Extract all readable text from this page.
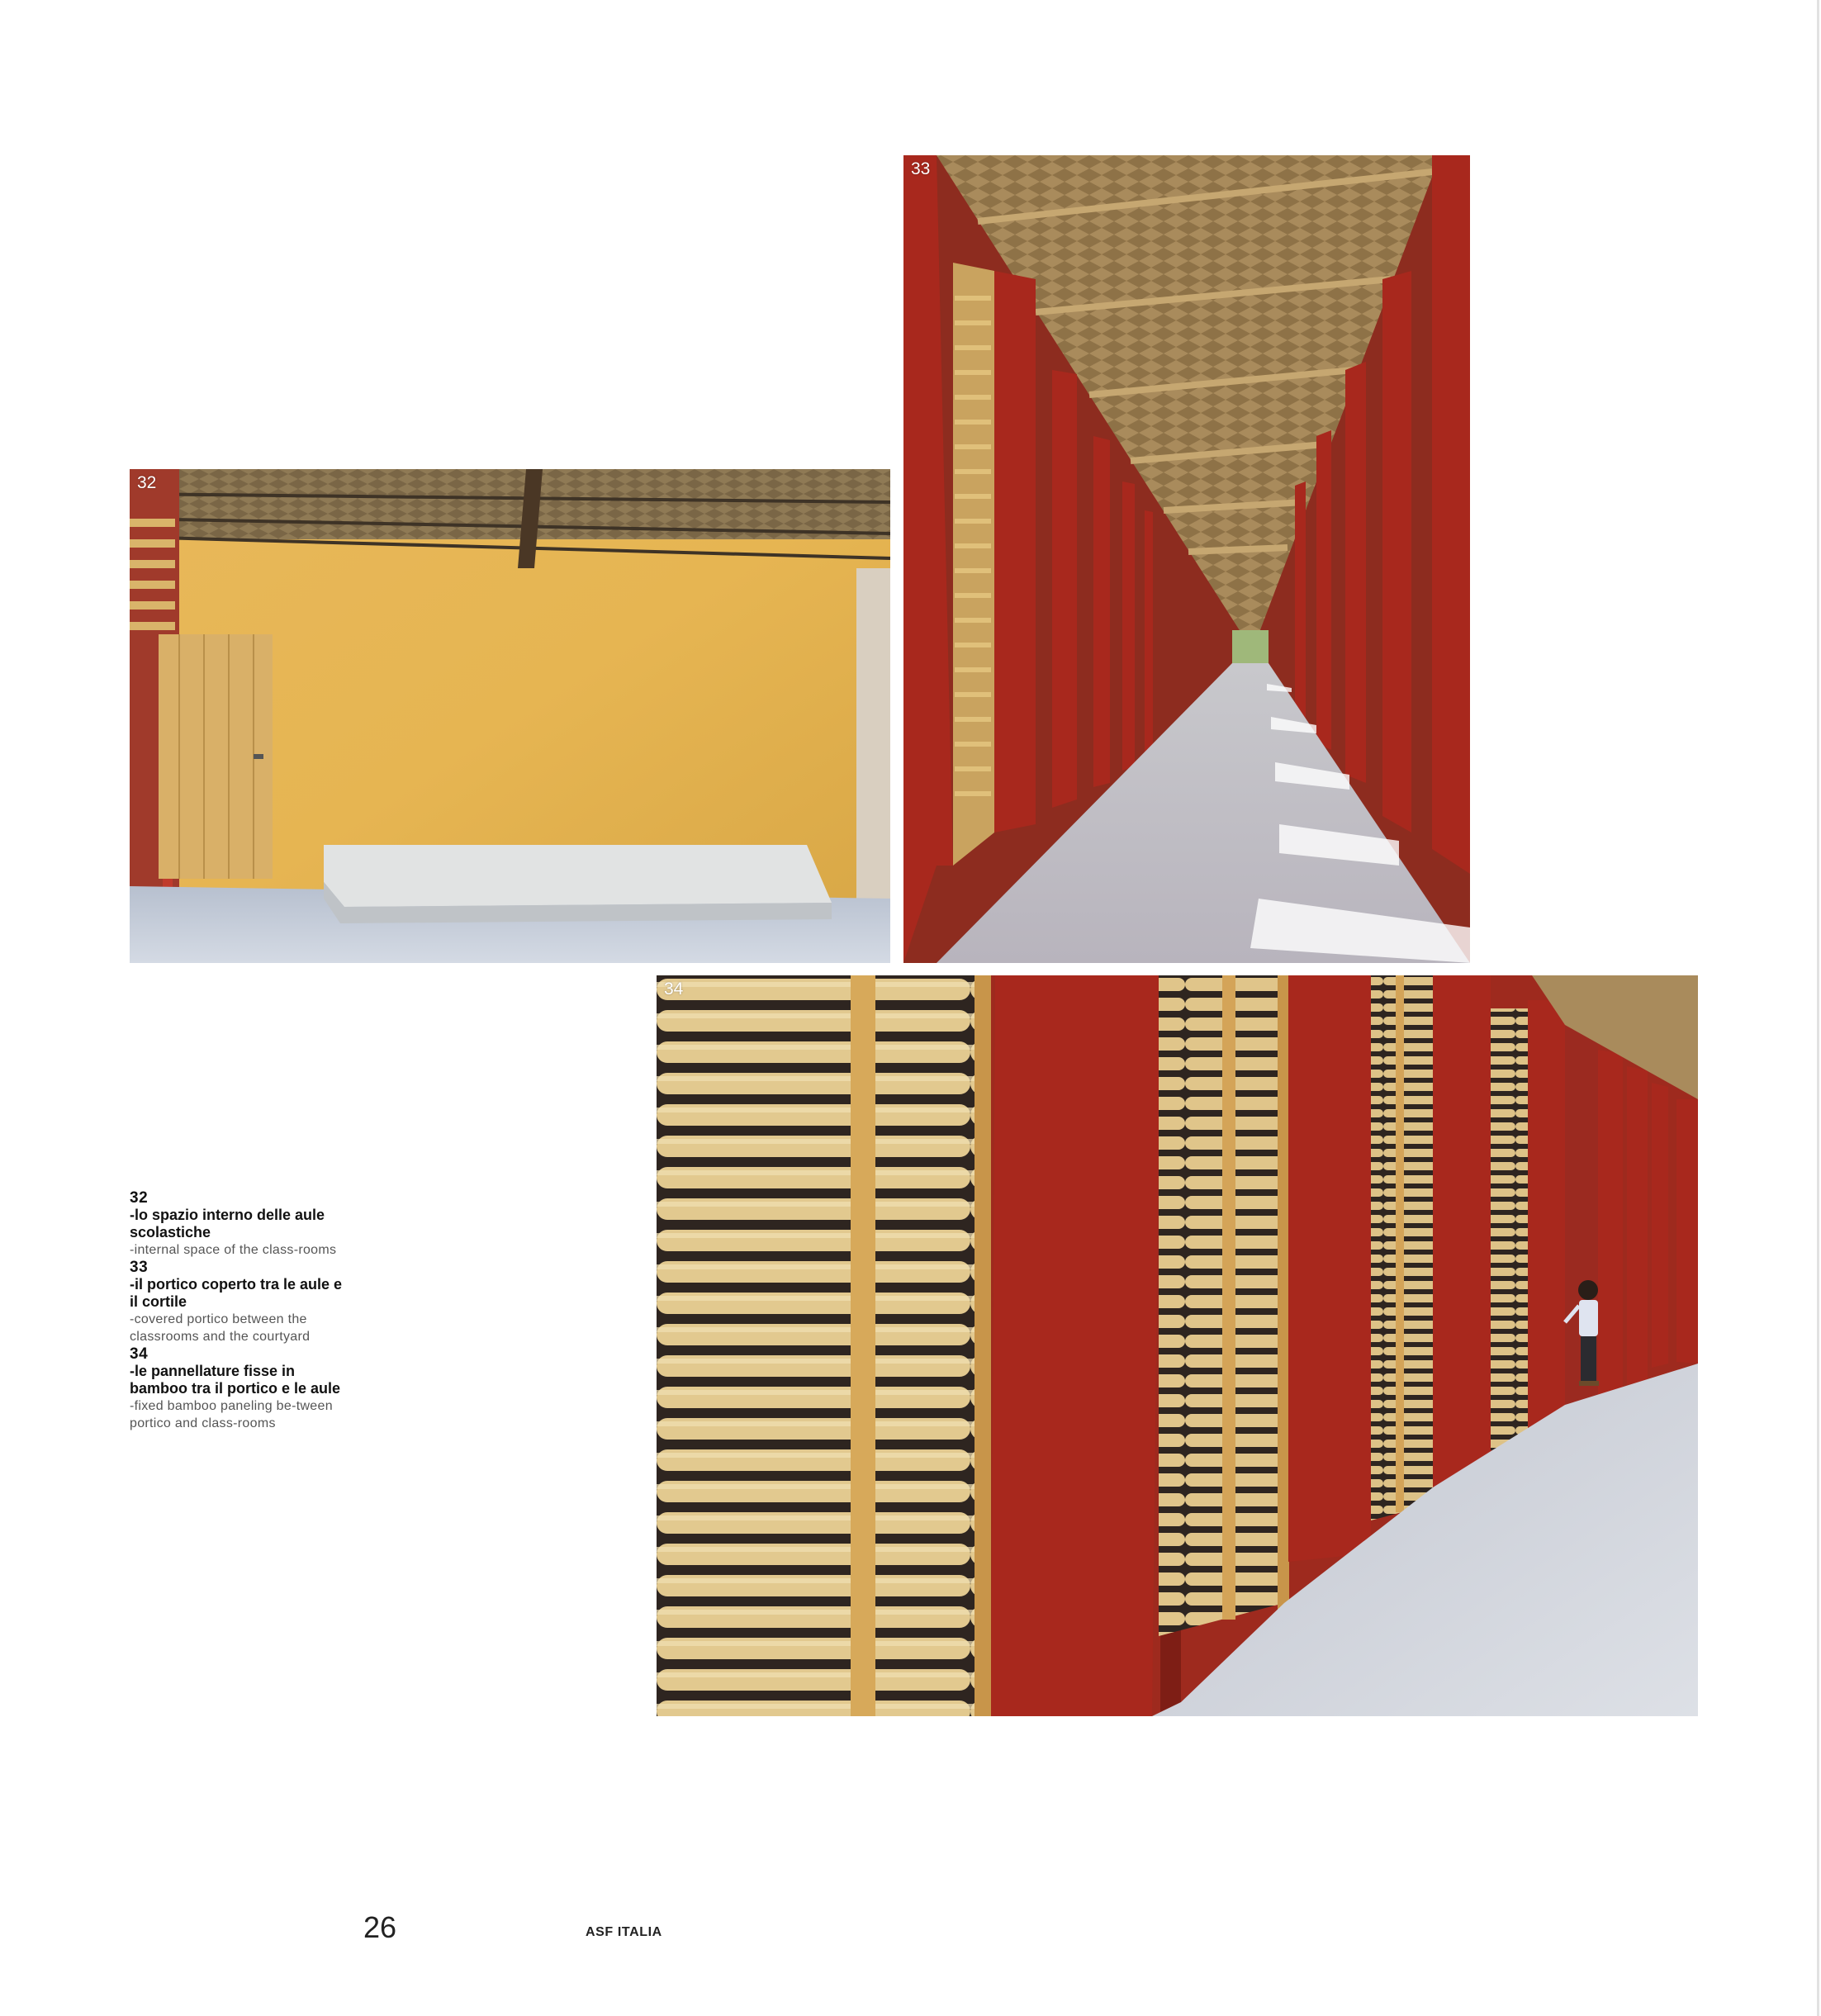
32
33
34
32
-lo spazio interno delle aule scolastiche
-internal space of the class-rooms
33
-il portico coperto tra le aule e il cortile
-covered portico between the classrooms and the courtyard
34
-le pannellature fisse in bamboo tra il portico e le aule
-fixed bamboo paneling be-tween portico and class-rooms
26	ASF ITALIA
